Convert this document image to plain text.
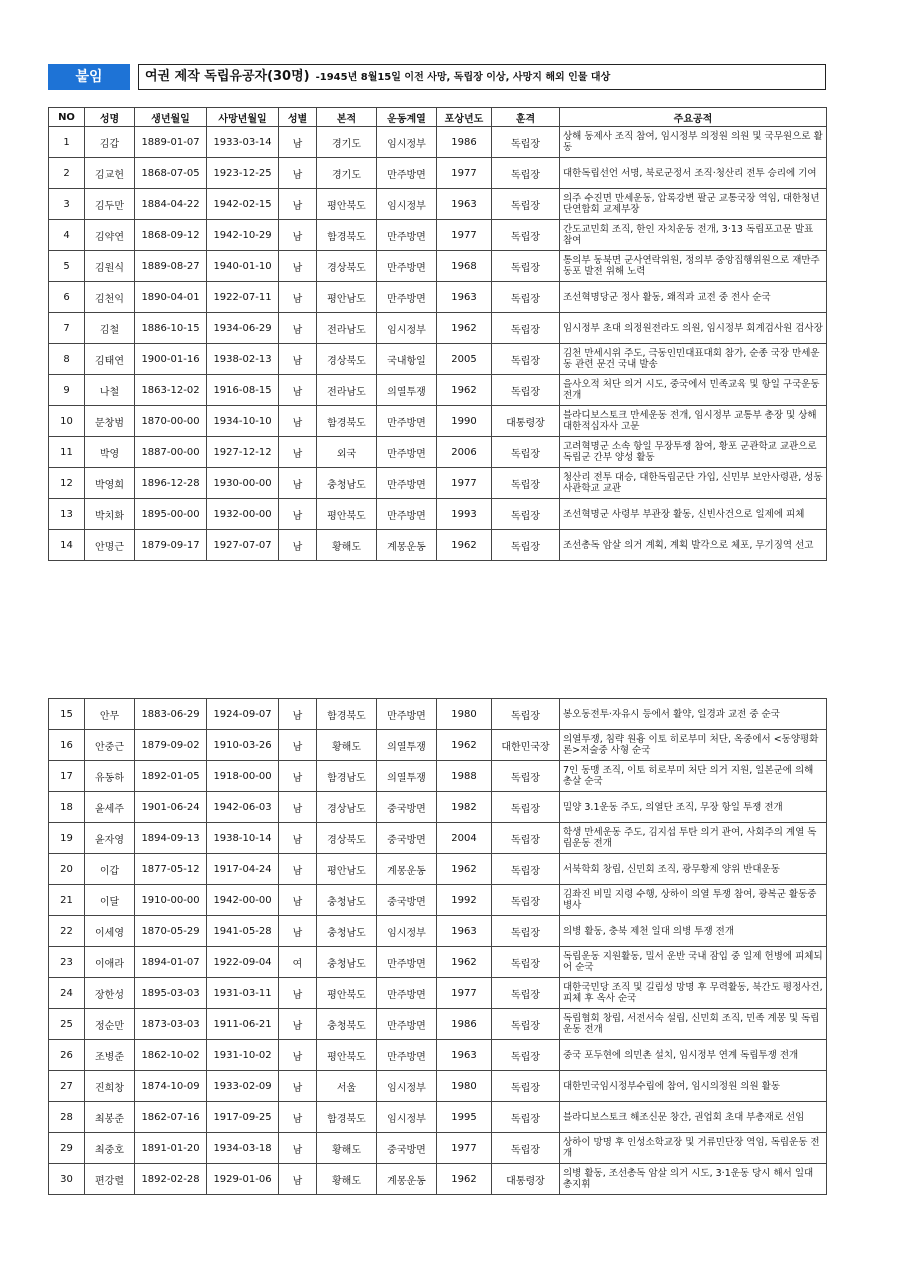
붙임	여권 제작 독립유공자(30명) -1945년 8월15일 이전 사망, 독립장 이상, 사망지 해외 인물 대상
NO	성명	생년월일	사망년월일	성별	본적	운동계열	포상년도	훈격	주요공적
1	김갑	1889-01-07	1933-03-14	남	경기도	임시정부	1986	독립장	상해 동제사 조직 참여, 임시정부 의정원 의원 및 국무원으로 활동
2	김교헌	1868-07-05	1923-12-25	남	경기도	만주방면	1977	독립장	대한독립선언 서명, 북로군정서 조직·청산리 전투 승리에 기여
3	김두만	1884-04-22	1942-02-15	남	평안북도	임시정부	1963	독립장	의주 수진면 만세운동, 압록강변 팔군 교통국장 역임, 대한청년단연합회 교제부장
4	김약연	1868-09-12	1942-10-29	남	함경북도	만주방면	1977	독립장	간도교민회 조직, 한인 자치운동 전개, 3·13 독립포고문 발표 참여
5	김원식	1889-08-27	1940-01-10	남	경상북도	만주방면	1968	독립장	통의부 동북면 군사연락위원, 정의부 중앙집행위원으로 재만주 동포 발전 위해 노력
6	김천익	1890-04-01	1922-07-11	남	평안남도	만주방면	1963	독립장	조선혁명당군 정사 활동, 왜적과 교전 중 전사 순국
7	김철	1886-10-15	1934-06-29	남	전라남도	임시정부	1962	독립장	임시정부 초대 의정원전라도 의원, 임시정부 회계검사원 검사장
8	김태연	1900-01-16	1938-02-13	남	경상북도	국내항일	2005	독립장	김천 만세시위 주도, 극동인민대표대회 참가, 순종 국장 만세운동 관련 문건 국내 발송
9	나철	1863-12-02	1916-08-15	남	전라남도	의열투쟁	1962	독립장	을사오적 처단 의거 시도, 중국에서 민족교육 및 항일 구국운동 전개
10	문창범	1870-00-00	1934-10-10	남	함경북도	만주방면	1990	대통령장	블라디보스토크 만세운동 전개, 임시정부 교통부 총장 및 상해 대한적십자사 고문
11	박영	1887-00-00	1927-12-12	남	외국	만주방면	2006	독립장	고려혁명군 소속 항일 무장투쟁 참여, 황포 군관학교 교관으로 독립군 간부 양성 활동
12	박영희	1896-12-28	1930-00-00	남	충청남도	만주방면	1977	독립장	청산리 전투 대승, 대한독립군단 가입, 신민부 보안사령관, 성동사관학교 교관
13	박치화	1895-00-00	1932-00-00	남	평안북도	만주방면	1993	독립장	조선혁명군 사령부 부관장 활동, 신빈사건으로 일제에 피체
14	안명근	1879-09-17	1927-07-07	남	황해도	계몽운동	1962	독립장	조선총독 암살 의거 계획, 계획 발각으로 체포, 무기징역 선고
15	안무	1883-06-29	1924-09-07	남	함경북도	만주방면	1980	독립장	봉오동전투·자유시 등에서 활약, 일경과 교전 중 순국
16	안중근	1879-09-02	1910-03-26	남	황해도	의열투쟁	1962	대한민국장	의열투쟁, 침략 원흉 이토 히로부미 처단, 옥중에서 <동양평화론>저술중 사형 순국
17	유동하	1892-01-05	1918-00-00	남	함경남도	의열투쟁	1988	독립장	7인 동맹 조직, 이토 히로부미 처단 의거 지원, 일본군에 의해 총살 순국
18	윤세주	1901-06-24	1942-06-03	남	경상남도	중국방면	1982	독립장	밀양 3.1운동 주도, 의열단 조직, 무장 항일 투쟁 전개
19	윤자영	1894-09-13	1938-10-14	남	경상북도	중국방면	2004	독립장	학생 만세운동 주도, 김지섭 투탄 의거 관여, 사회주의 계열 독립운동 전개
20	이갑	1877-05-12	1917-04-24	남	평안남도	계몽운동	1962	독립장	서북학회 창립, 신민회 조직, 광무황제 양위 반대운동
21	이달	1910-00-00	1942-00-00	남	충청남도	중국방면	1992	독립장	김좌진 비밀 지령 수행, 상하이 의열 투쟁 참여, 광복군 활동중 병사
22	이세영	1870-05-29	1941-05-28	남	충청남도	임시정부	1963	독립장	의병 활동, 충북 제천 일대 의병 투쟁 전개
23	이애라	1894-01-07	1922-09-04	여	충청남도	만주방면	1962	독립장	독립운동 지원활동, 밀서 운반 국내 잠입 중 일제 헌병에 피체되어 순국
24	장한성	1895-03-03	1931-03-11	남	평안북도	만주방면	1977	독립장	대한국민당 조직 및 길림성 망명 후 무력활동, 북간도 평정사건, 피체 후 옥사 순국
25	정순만	1873-03-03	1911-06-21	남	충청북도	만주방면	1986	독립장	독립협회 창립, 서전서숙 설립, 신민회 조직, 민족 계몽 및 독립운동 전개
26	조병준	1862-10-02	1931-10-02	남	평안북도	만주방면	1963	독립장	중국 포두현에 의민촌 설치, 임시정부 연계 독립투쟁 전개
27	진희창	1874-10-09	1933-02-09	남	서울	임시정부	1980	독립장	대한민국임시정부수립에 참여, 임시의정원 의원 활동
28	최봉준	1862-07-16	1917-09-25	남	함경북도	임시정부	1995	독립장	블라디보스토크 해조신문 창간, 권업회 초대 부총재로 선임
29	최중호	1891-01-20	1934-03-18	남	황해도	중국방면	1977	독립장	상하이 망명 후 인성소학교장 및 거류민단장 역임, 독립운동 전개
30	편강렬	1892-02-28	1929-01-06	남	황해도	계몽운동	1962	대통령장	의병 활동, 조선총독 암살 의거 시도, 3·1운동 당시 해서 일대 총지휘
